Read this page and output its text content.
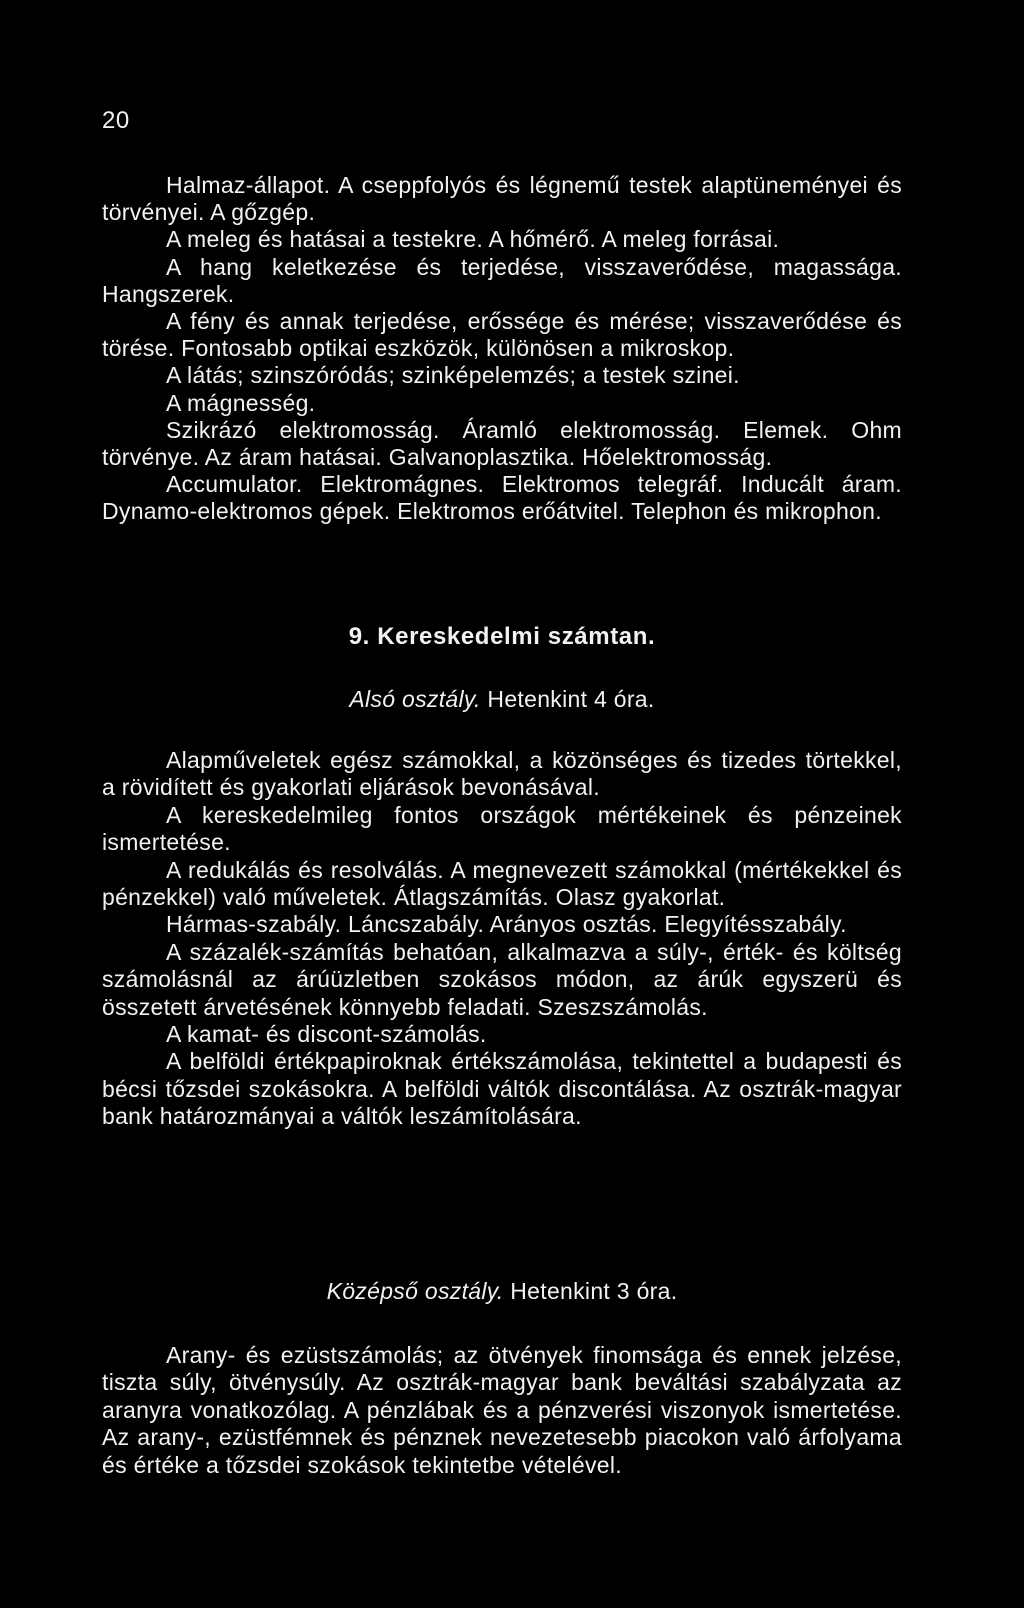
20

Halmaz-állapot. A cseppfolyós és légnemű testek alaptüneményei és törvényei. A gőzgép.

A meleg és hatásai a testekre. A hőmérő. A meleg forrásai.

A hang keletkezése és terjedése, visszaverődése, magassága. Hangszerek.

A fény és annak terjedése, erőssége és mérése; visszaverődése és törése. Fontosabb optikai eszközök, különösen a mikroskop.

A látás; szinszóródás; szinképelemzés; a testek szinei.

A mágnesség.

Szikrázó elektromosság. Áramló elektromosság. Elemek. Ohm törvénye. Az áram hatásai. Galvanoplasztika. Hőelektromosság.

Accumulator. Elektromágnes. Elektromos telegráf. Inducált áram. Dynamo-elektromos gépek. Elektromos erőátvitel. Telephon és mikrophon.

9. Kereskedelmi számtan.
Alsó osztály. Hetenkint 4 óra.

Alapműveletek egész számokkal, a közönséges és tizedes törtekkel, a rövidített és gyakorlati eljárások bevonásával.

A kereskedelmileg fontos országok mértékeinek és pénzeinek ismertetése.

A redukálás és resolválás. A megnevezett számokkal (mértékekkel és pénzekkel) való műveletek. Átlagszámítás. Olasz gyakorlat.

Hármas-szabály. Láncszabály. Arányos osztás. Elegyítésszabály.

A százalék-számítás behatóan, alkalmazva a súly-, érték- és költség számolásnál az árúüzletben szokásos módon, az árúk egyszerü és összetett árvetésének könnyebb feladati. Szeszszámolás.

A kamat- és discont-számolás.

A belföldi értékpapiroknak értékszámolása, tekintettel a budapesti és bécsi tőzsdei szokásokra. A belföldi váltók discontálása. Az osztrák-magyar bank határozmányai a váltók leszámítolására.

Középső osztály. Hetenkint 3 óra.

Arany- és ezüstszámolás; az ötvények finomsága és ennek jelzése, tiszta súly, ötvénysúly. Az osztrák-magyar bank beváltási szabályzata az aranyra vonatkozólag. A pénzlábak és a pénzverési viszonyok ismertetése. Az arany-, ezüstfémnek és pénznek nevezetesebb piacokon való árfolyama és értéke a tőzsdei szokások tekintetbe vételével.
